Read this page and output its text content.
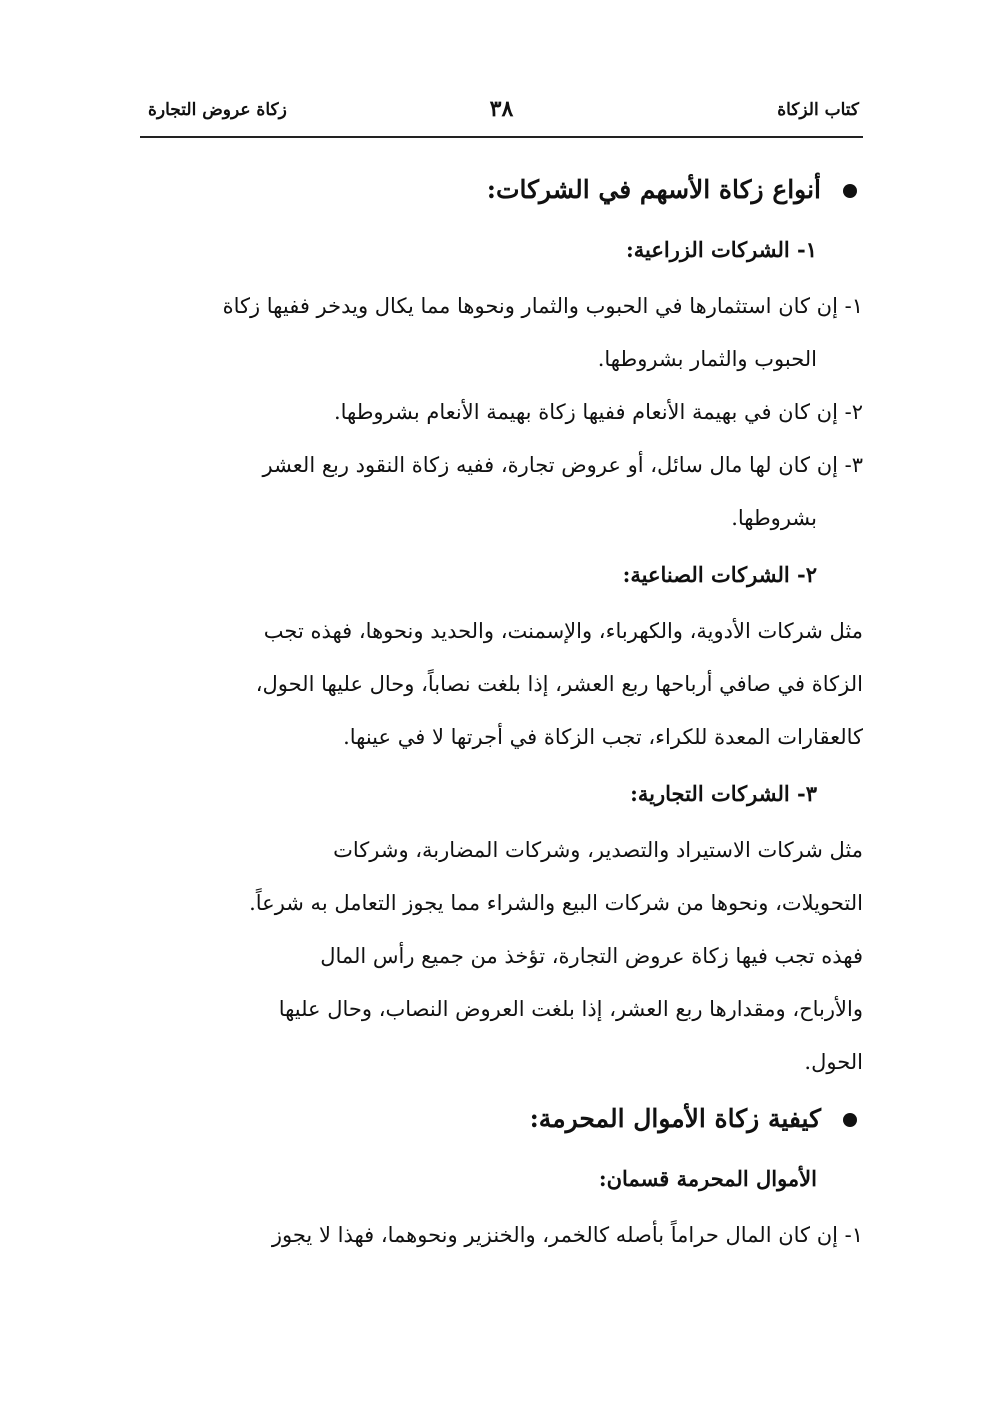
كتاب الزكاة
٣٨
زكاة عروض التجارة
أنواع زكاة الأسهم في الشركات:
١- الشركات الزراعية:
١- إن كان استثمارها في الحبوب والثمار ونحوها مما يكال ويدخر ففيها زكاة
الحبوب والثمار بشروطها.
٢- إن كان في بهيمة الأنعام ففيها زكاة بهيمة الأنعام بشروطها.
٣- إن كان لها مال سائل، أو عروض تجارة، ففيه زكاة النقود ربع العشر
بشروطها.
٢- الشركات الصناعية:
مثل شركات الأدوية، والكهرباء، والإسمنت، والحديد ونحوها، فهذه تجب
الزكاة في صافي أرباحها ربع العشر، إذا بلغت نصاباً، وحال عليها الحول،
كالعقارات المعدة للكراء، تجب الزكاة في أجرتها لا في عينها.
٣- الشركات التجارية:
مثل شركات الاستيراد والتصدير، وشركات المضاربة، وشركات
التحويلات، ونحوها من شركات البيع والشراء مما يجوز التعامل به شرعاً.
فهذه تجب فيها زكاة عروض التجارة، تؤخذ من جميع رأس المال
والأرباح، ومقدارها ربع العشر، إذا بلغت العروض النصاب، وحال عليها
الحول.
كيفية زكاة الأموال المحرمة:
الأموال المحرمة قسمان:
١- إن كان المال حراماً بأصله كالخمر، والخنزير ونحوهما، فهذا لا يجوز
